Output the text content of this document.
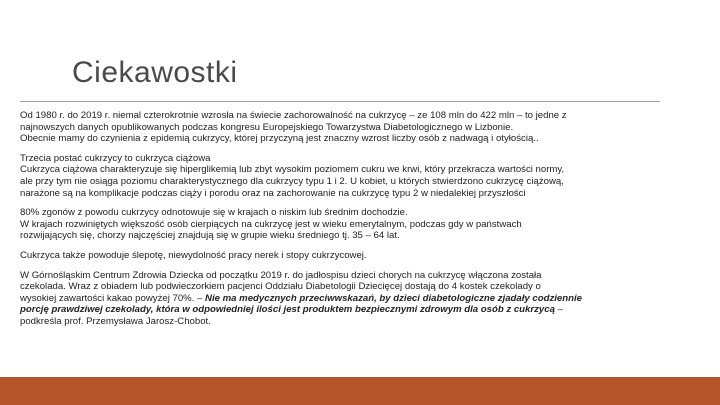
Ciekawostki

Od 1980 r. do 2019 r. niemal czterokrotnie wzrosła na świecie zachorowalność na cukrzycę – ze 108 mln do 422 mln – to jedne z
najnowszych danych opublikowanych podczas kongresu Europejskiego Towarzystwa Diabetologicznego w Lizbonie.
Obecnie mamy do czynienia z epidemią cukrzycy, której przyczyną jest znaczny wzrost liczby osób z nadwagą i otyłością..

Trzecia postać cukrzycy to cukrzyca ciążowa
Cukrzyca ciążowa charakteryzuje się hiperglikemią lub zbyt wysokim poziomem cukru we krwi, który przekracza wartości normy,
ale przy tym nie osiąga poziomu charakterystycznego dla cukrzycy typu 1 i 2. U kobiet, u których stwierdzono cukrzycę ciążową,
narażone są na komplikacje podczas ciąży i porodu oraz na zachorowanie na cukrzycę typu 2 w niedalekiej przyszłości

80% zgonów z powodu cukrzycy odnotowuje się w krajach o niskim lub średnim dochodzie.
W krajach rozwiniętych większość osób cierpiących na cukrzycę jest w wieku emerytalnym, podczas gdy w państwach
rozwijających się, chorzy najczęściej znajdują się w grupie wieku średniego tj. 35 – 64 lat.

Cukrzyca także powoduje ślepotę, niewydolność pracy nerek i stopy cukrzycowej.

W Górnośląskim Centrum Zdrowia Dziecka od początku 2019 r. do jadłospisu dzieci chorych na cukrzycę włączona została
czekolada. Wraz z obiadem lub podwieczorkiem pacjenci Oddziału Diabetologii Dziecięcej dostają do 4 kostek czekolady o
wysokiej zawartości kakao powyżej 70%. – Nie ma medycznych przeciwwskazań, by dzieci diabetologiczne zjadały codziennie
porcję prawdziwej czekolady, która w odpowiedniej ilości jest produktem bezpiecznymi zdrowym dla osób z cukrzycą –
podkreśla prof. Przemysława Jarosz-Chobot.
